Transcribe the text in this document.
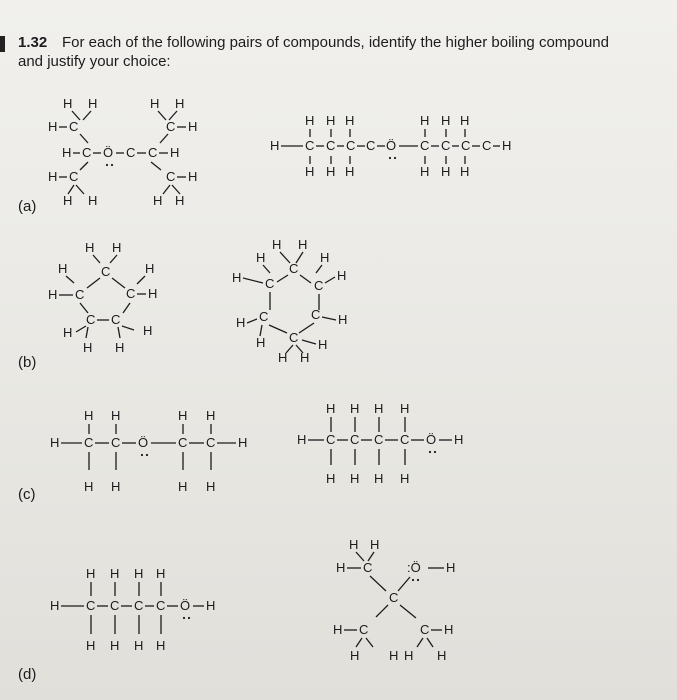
1.32 For each of the following pairs of compounds, identify the higher boiling compound
and justify your choice:
(a)
(b)
(c)
(d)
H H	H H
H C	C H
H C Ö C C H
H C	C H
H H	H H
H H H	H H H
H C C C C Ö C C C C H
H H H	H H H
H H
H	C	H
H C	C H
C C
H	H
H H
H H
H	H
C
H C	C
H
H C	C H
C
H	H
H H
H H	H H
H C C Ö C C H
H H	H H
H H H H
H C C C C Ö H
H H H H
H H H H
H C C C C Ö H
H H H H
H H
H C	:Ö H
C
H C	C H
H H H H
